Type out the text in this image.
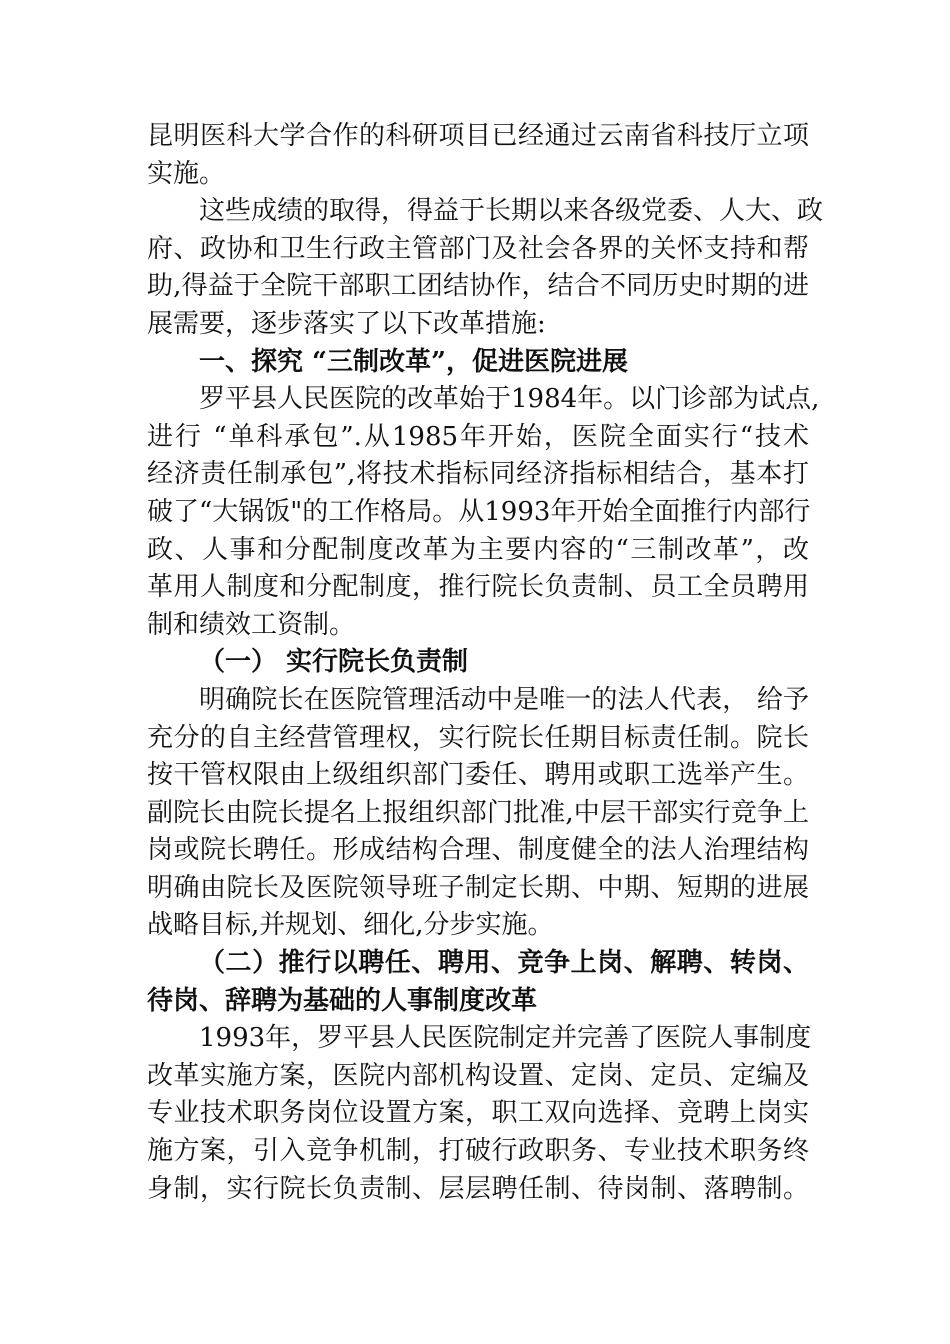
昆明医科大学合作的科研项目已经通过云南省科技厅立项
实施。
这些成绩的取得，得益于长期以来各级党委、人大、政
府、政协和卫生行政主管部门及社会各界的关怀支持和帮
助,得益于全院干部职工团结协作，结合不同历史时期的进
展需要，逐步落实了以下改革措施:
一、探究 “三制改革”，促进医院进展
罗平县人民医院的改革始于1984年。以门诊部为试点,
进行 “单科承包”.从1985年开始，医院全面实行“技术
经济责任制承包”,将技术指标同经济指标相结合，基本打
破了“大锅饭"的工作格局。从1993年开始全面推行内部行
政、人事和分配制度改革为主要内容的“三制改革”，改
革用人制度和分配制度，推行院长负责制、员工全员聘用
制和绩效工资制。
（一） 实行院长负责制
明确院长在医院管理活动中是唯一的法人代表， 给予
充分的自主经营管理权，实行院长任期目标责任制。院长
按干管权限由上级组织部门委任、聘用或职工选举产生。
副院长由院长提名上报组织部门批准,中层干部实行竞争上
岗或院长聘任。形成结构合理、制度健全的法人治理结构
明确由院长及医院领导班子制定长期、中期、短期的进展
战略目标,并规划、细化,分步实施。
（二）推行以聘任、聘用、竞争上岗、解聘、转岗、
待岗、辞聘为基础的人事制度改革
1993年，罗平县人民医院制定并完善了医院人事制度
改革实施方案，医院内部机构设置、定岗、定员、定编及
专业技术职务岗位设置方案，职工双向选择、竞聘上岗实
施方案，引入竞争机制，打破行政职务、专业技术职务终
身制，实行院长负责制、层层聘任制、待岗制、落聘制。
